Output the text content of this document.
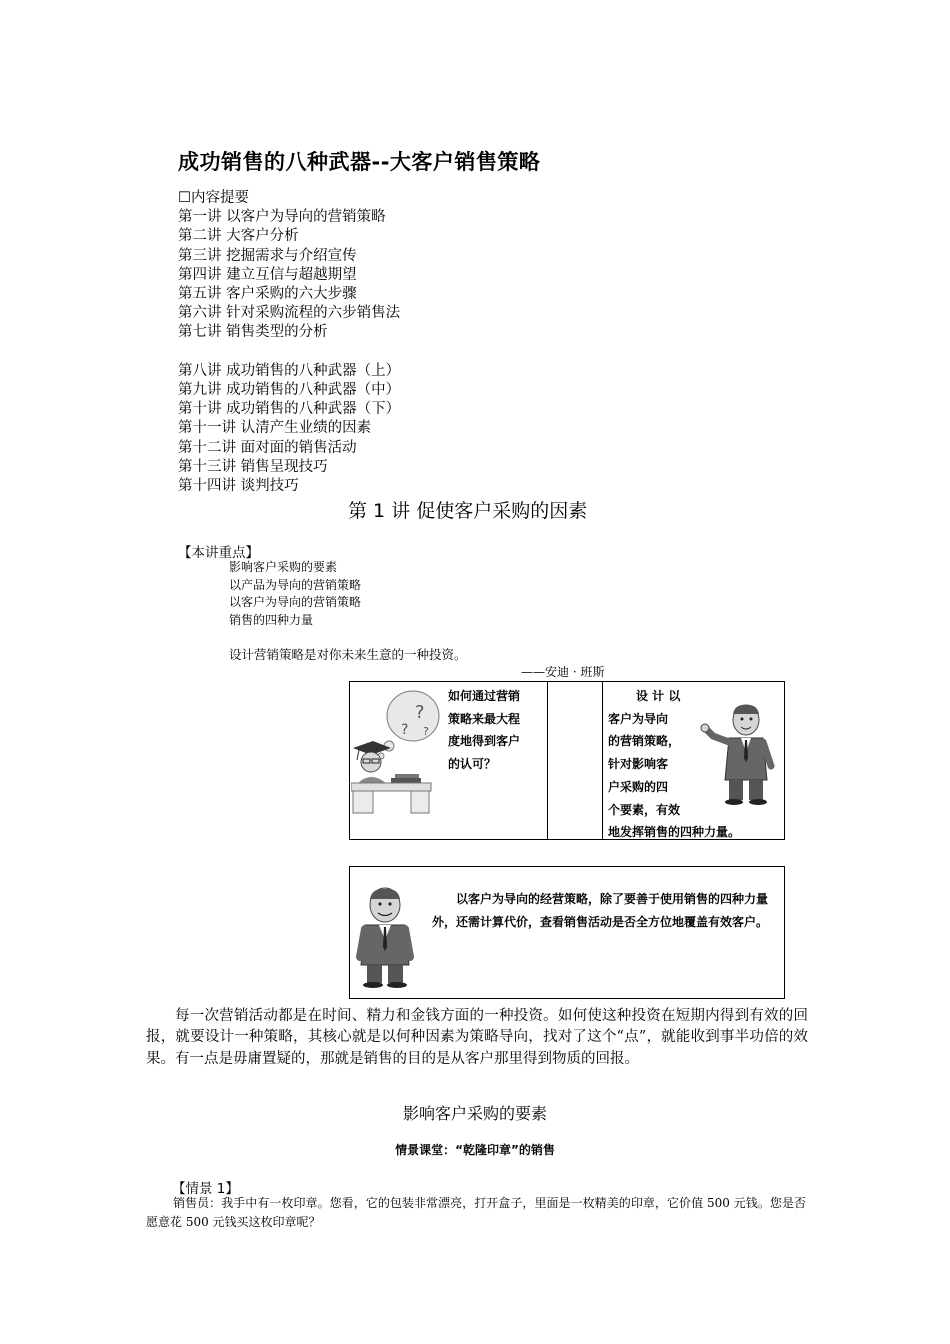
成功销售的八种武器--大客户销售策略
☐内容提要
第一讲 以客户为导向的营销策略
第二讲 大客户分析
第三讲 挖掘需求与介绍宣传
第四讲 建立互信与超越期望
第五讲 客户采购的六大步骤
第六讲 针对采购流程的六步销售法
第七讲 销售类型的分析
第八讲 成功销售的八种武器（上）
第九讲 成功销售的八种武器（中）
第十讲 成功销售的八种武器（下）
第十一讲 认清产生业绩的因素
第十二讲 面对面的销售活动
第十三讲 销售呈现技巧
第十四讲 谈判技巧
第 1 讲 促使客户采购的因素
【本讲重点】
影响客户采购的要素
以产品为导向的营销策略
以客户为导向的营销策略
销售的四种力量
设计营销策略是对你未来生意的一种投资。
——安迪 · 班斯
?
? ?
如何通过营销
策略来最大程
度地得到客户
的认可？
设 计 以
客户为导向
的营销策略，
针对影响客
户采购的四
个要素，有效
地发挥销售的四种力量。
以客户为导向的经营策略，除了要善于使用销售的四种力量外，还需计算代价，查看销售活动是否全方位地覆盖有效客户。
每一次营销活动都是在时间、精力和金钱方面的一种投资。如何使这种投资在短期内得到有效的回报，就要设计一种策略，其核心就是以何种因素为策略导向，找对了这个“点”，就能收到事半功倍的效果。有一点是毋庸置疑的，那就是销售的目的是从客户那里得到物质的回报。
影响客户采购的要素
情景课堂：“乾隆印章”的销售
【情景 1】
销售员：我手中有一枚印章。您看，它的包装非常漂亮，打开盒子，里面是一枚精美的印章，它价值 500 元钱。您是否愿意花 500 元钱买这枚印章呢？
